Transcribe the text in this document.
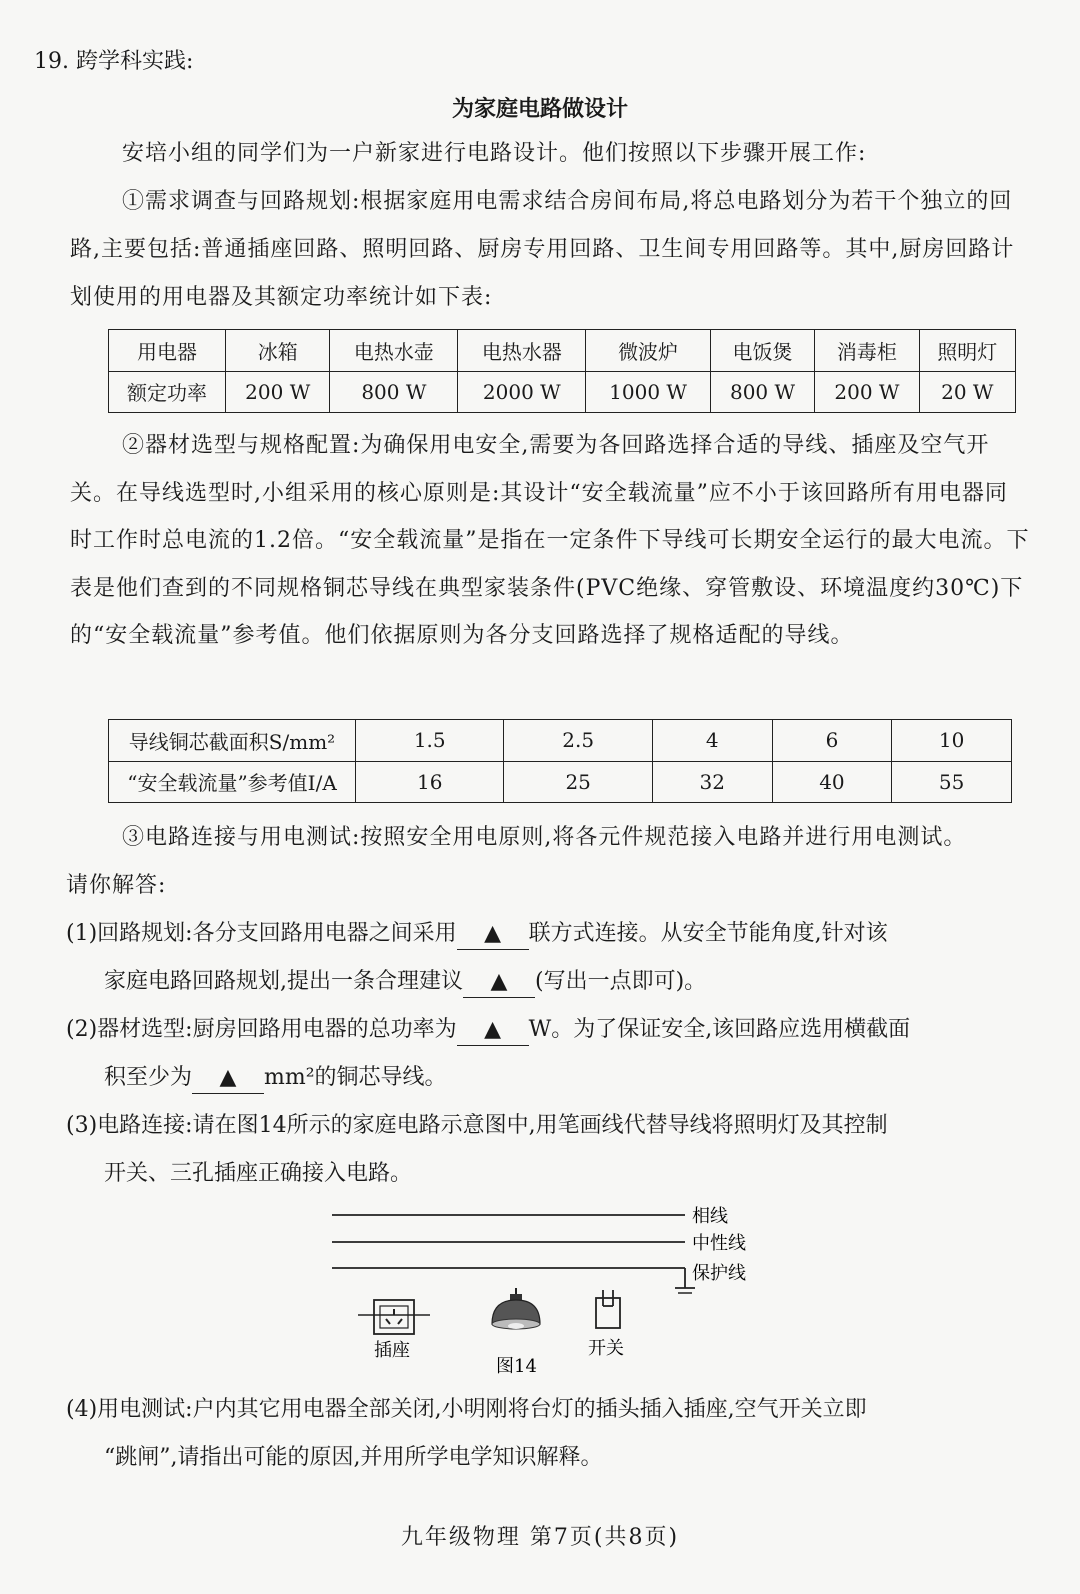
19. 跨学科实践:
为家庭电路做设计
安培小组的同学们为一户新家进行电路设计。他们按照以下步骤开展工作:
①需求调查与回路规划:根据家庭用电需求结合房间布局,将总电路划分为若干个独立的回路,主要包括:普通插座回路、照明回路、厨房专用回路、卫生间专用回路等。其中,厨房回路计划使用的用电器及其额定功率统计如下表:
用电器	冰箱	电热水壶	电热水器	微波炉	电饭煲	消毒柜	照明灯
额定功率	200 W	800 W	2000 W	1000 W	800 W	200 W	20 W
②器材选型与规格配置:为确保用电安全,需要为各回路选择合适的导线、插座及空气开关。在导线选型时,小组采用的核心原则是:其设计“安全载流量”应不小于该回路所有用电器同时工作时总电流的1.2倍。“安全载流量”是指在一定条件下导线可长期安全运行的最大电流。下表是他们查到的不同规格铜芯导线在典型家装条件(PVC绝缘、穿管敷设、环境温度约30℃)下的“安全载流量”参考值。他们依据原则为各分支回路选择了规格适配的导线。
导线铜芯截面积S/mm²	1.5	2.5	4	6	10
“安全载流量”参考值I/A	16	25	32	40	55
③电路连接与用电测试:按照安全用电原则,将各元件规范接入电路并进行用电测试。
请你解答:
(1)回路规划:各分支回路用电器之间采用 ▲ 联方式连接。从安全节能角度,针对该
家庭电路回路规划,提出一条合理建议 ▲ (写出一点即可)。
(2)器材选型:厨房回路用电器的总功率为 ▲ W。为了保证安全,该回路应选用横截面
积至少为 ▲ mm²的铜芯导线。
(3)电路连接:请在图14所示的家庭电路示意图中,用笔画线代替导线将照明灯及其控制
开关、三孔插座正确接入电路。
相线
中性线
保护线
插座
图14
开关
(4)用电测试:户内其它用电器全部关闭,小明刚将台灯的插头插入插座,空气开关立即
“跳闸”,请指出可能的原因,并用所学电学知识解释。
九年级物理 第7页(共8页)
